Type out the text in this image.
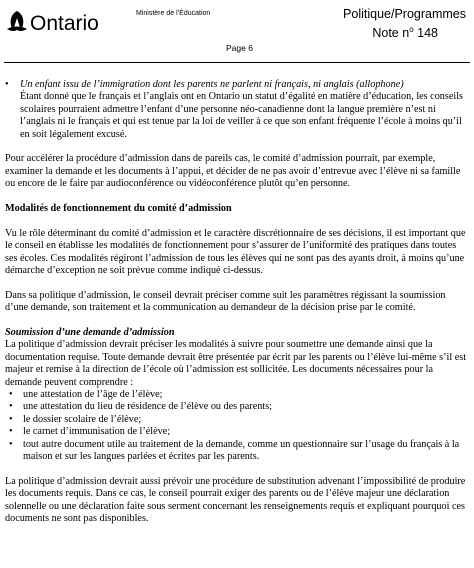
Ontario	Ministère de l’Éducation	Politique/Programmes
Note $n^o$ 148
Page 6
• Un enfant issu de l’immigration dont les parents ne parlent ni français, ni anglais (allophone)

Étant donné que le français et l’anglais ont en Ontario un statut d’égalité en matière d’éducation, les conseils scolaires pourraient admettre l’enfant d’une personne néo-canadienne dont la langue première n’est ni l’anglais ni le français et qui est tenue par la loi de veiller à ce que son enfant fréquente l’école à moins qu’il en soit légalement excusé.

Pour accélérer la procédure d’admission dans de pareils cas, le comité d’admission pourrait, par exemple, examiner la demande et les documents à l’appui, et décider de ne pas avoir d’entrevue avec l’élève ni sa famille ou encore de le faire par audioconférence ou vidéoconférence plutôt qu’en personne.

Modalités de fonctionnement du comité d’admission

Vu le rôle déterminant du comité d’admission et le caractère discrétionnaire de ses décisions, il est important que le conseil en établisse les modalités de fonctionnement pour s’assurer de l’uniformité des pratiques dans toutes ses écoles. Ces modalités régiront l’admission de tous les élèves qui ne sont pas des ayants droit, à moins qu’une démarche d’exception ne soit prévue comme indiqué ci-dessus.

Dans sa politique d’admission, le conseil devrait préciser comme suit les paramètres régissant la soumission d’une demande, son traitement et la communication au demandeur de la décision prise par le comité.

Soumission d’une demande d’admission

La politique d’admission devrait préciser les modalités à suivre pour soumettre une demande ainsi que la documentation requise. Toute demande devrait être présentée par écrit par les parents ou l’élève lui-même s’il est majeur et remise à la direction de l’école où l’admission est sollicitée. Les documents nécessaires pour la demande peuvent comprendre :

• une attestation de l’âge de l’élève;
• une attestation du lieu de résidence de l’élève ou des parents;
• le dossier scolaire de l’élève;
• le carnet d’immunisation de l’élève;
• tout autre document utile au traitement de la demande, comme un questionnaire sur l’usage du français à la maison et sur les langues parlées et écrites par les parents.

La politique d’admission devrait aussi prévoir une procédure de substitution advenant l’impossibilité de produire les documents requis. Dans ce cas, le conseil pourrait exiger des parents ou de l’élève majeur une déclaration solennelle ou une déclaration faite sous serment concernant les renseignements requis et expliquant pourquoi ces documents ne sont pas disponibles.
